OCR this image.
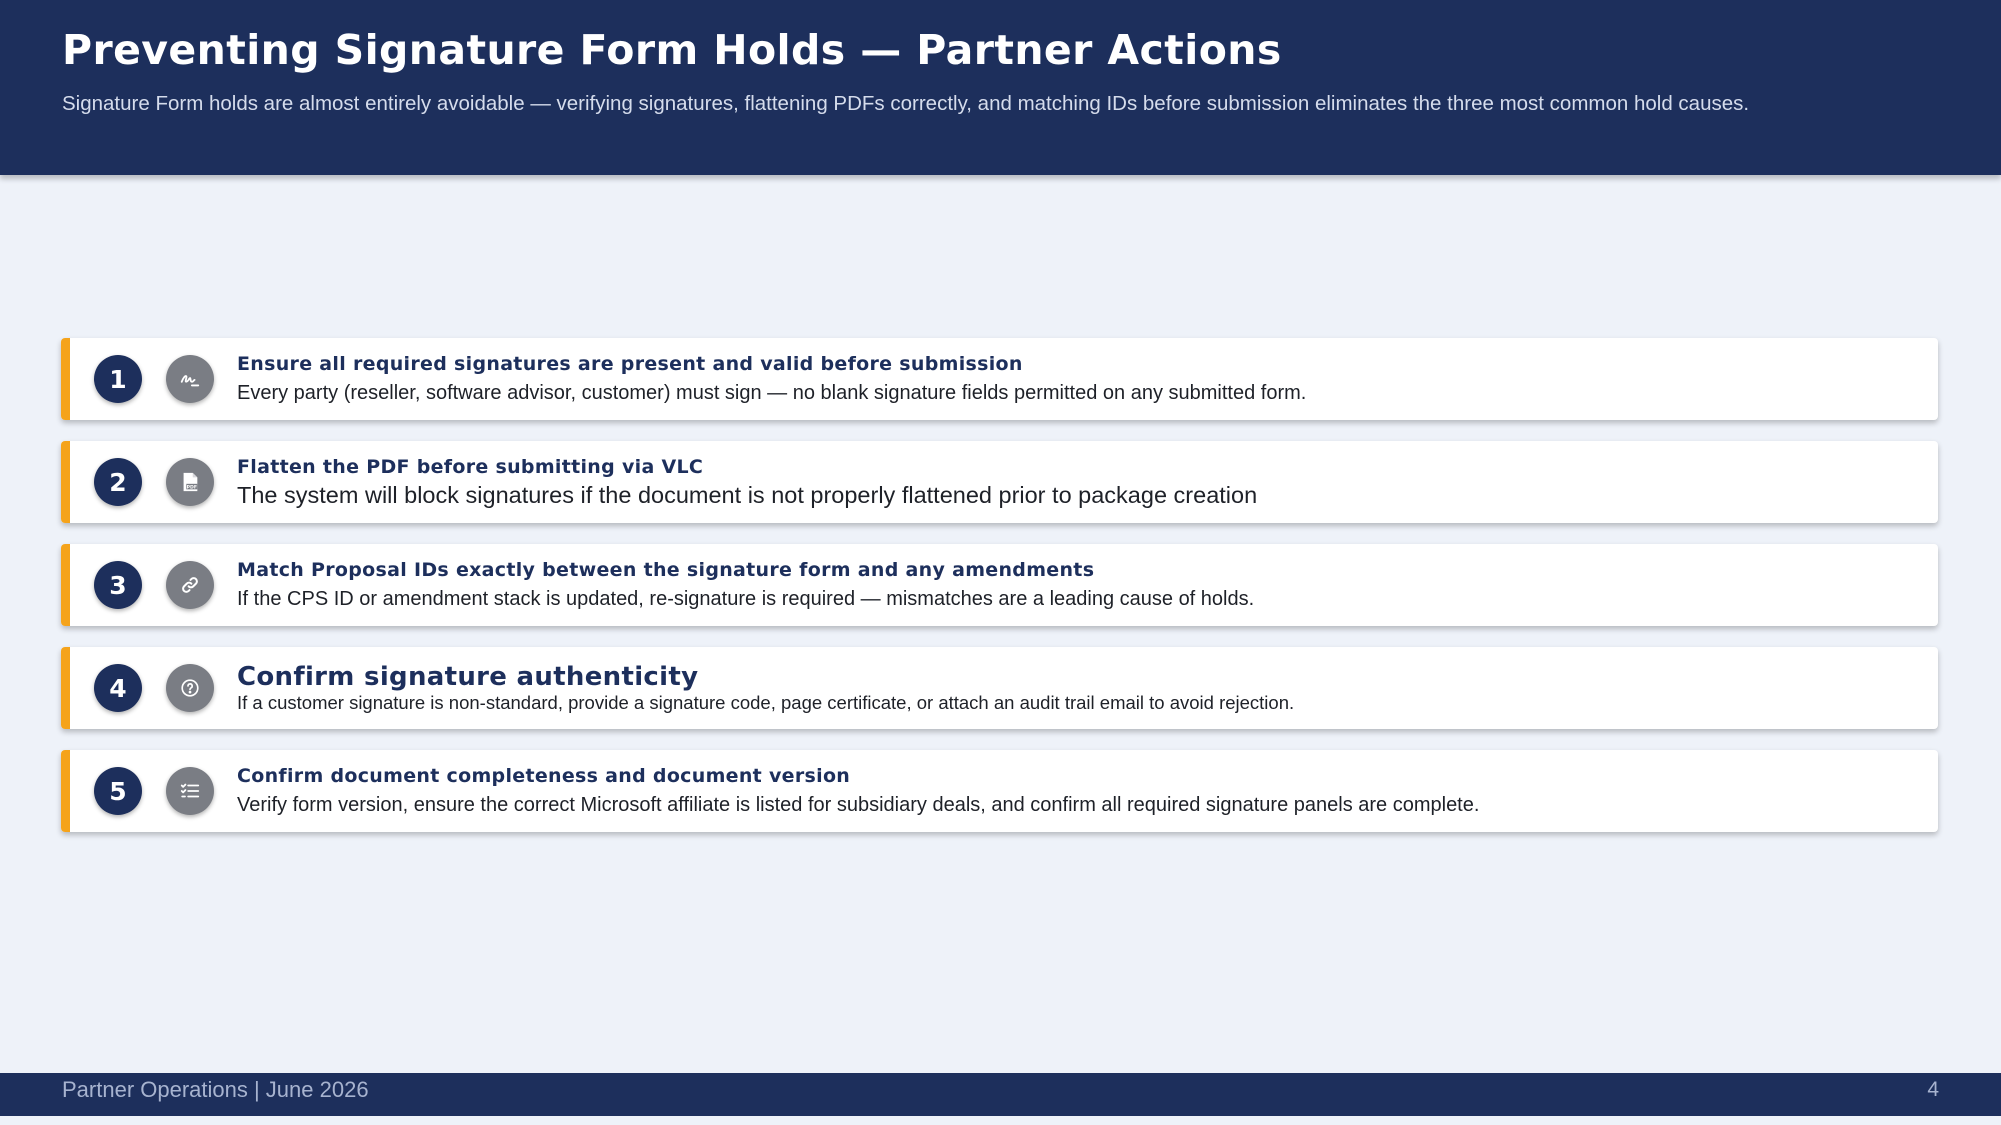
Preventing Signature Form Holds — Partner Actions

Signature Form holds are almost entirely avoidable — verifying signatures, flattening PDFs correctly, and matching IDs before submission eliminates the three most common hold causes.

1

Ensure all required signatures are present and valid before submission

Every party (reseller, software advisor, customer) must sign — no blank signature fields permitted on any submitted form.

2	PDF

Flatten the PDF before submitting via VLC

The system will block signatures if the document is not properly flattened prior to package creation

3

Match Proposal IDs exactly between the signature form and any amendments

If the CPS ID or amendment stack is updated, re-signature is required — mismatches are a leading cause of holds.

4	Confirm signature authenticity

If a customer signature is non-standard, provide a signature code, page certificate, or attach an audit trail email to avoid rejection.

5

Confirm document completeness and document version

Verify form version, ensure the correct Microsoft affiliate is listed for subsidiary deals, and confirm all required signature panels are complete.

Partner Operations | June 2026	4
